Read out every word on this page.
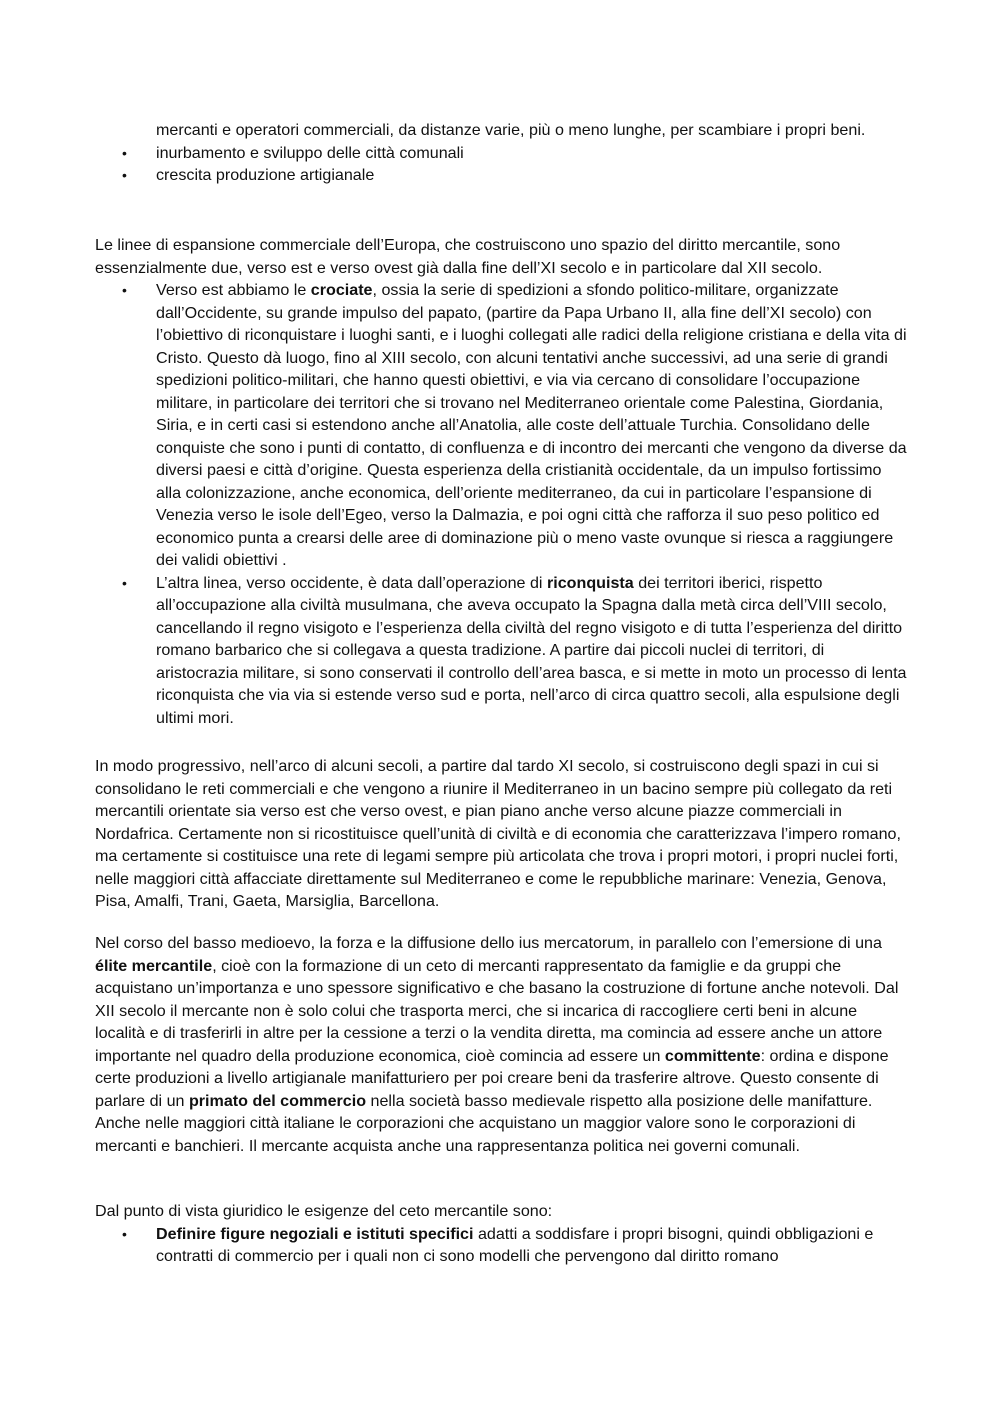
mercanti e operatori commerciali, da distanze varie, più o meno lunghe, per scambiare i propri beni.

• inurbamento e sviluppo delle città comunali
• crescita produzione artigianale

Le linee di espansione commerciale dell’Europa, che costruiscono uno spazio del diritto mercantile, sono essenzialmente due, verso est e verso ovest già dalla fine dell’XI secolo e in particolare dal XII secolo.

• Verso est abbiamo le crociate, ossia la serie di spedizioni a sfondo politico-militare, organizzate dall’Occidente, su grande impulso del papato, (partire da Papa Urbano II, alla fine dell’XI secolo) con l’obiettivo di riconquistare i luoghi santi, e i luoghi collegati alle radici della religione cristiana e della vita di Cristo. Questo dà luogo, fino al XIII secolo, con alcuni tentativi anche successivi, ad una serie di grandi spedizioni politico-militari, che hanno questi obiettivi, e via via cercano di consolidare l’occupazione militare, in particolare dei territori che si trovano nel Mediterraneo orientale come Palestina, Giordania, Siria, e in certi casi si estendono anche all’Anatolia, alle coste dell’attuale Turchia. Consolidano delle conquiste che sono i punti di contatto, di confluenza e di incontro dei mercanti che vengono da diverse da diversi paesi e città d’origine. Questa esperienza della cristianità occidentale, da un impulso fortissimo alla colonizzazione, anche economica, dell’oriente mediterraneo, da cui in particolare l’espansione di Venezia verso le isole dell’Egeo, verso la Dalmazia, e poi ogni città che rafforza il suo peso politico ed economico punta a crearsi delle aree di dominazione più o meno vaste ovunque si riesca a raggiungere dei validi obiettivi .
• L’altra linea, verso occidente, è data dall’operazione di riconquista dei territori iberici, rispetto all’occupazione alla civiltà musulmana, che aveva occupato la Spagna dalla metà circa dell’VIII secolo, cancellando il regno visigoto e l’esperienza della civiltà del regno visigoto e di tutta l’esperienza del diritto romano barbarico che si collegava a questa tradizione. A partire dai piccoli nuclei di territori, di aristocrazia militare, si sono conservati il controllo dell’area basca, e si mette in moto un processo di lenta riconquista che via via si estende verso sud e porta, nell’arco di circa quattro secoli, alla espulsione degli ultimi mori.

In modo progressivo, nell’arco di alcuni secoli, a partire dal tardo XI secolo, si costruiscono degli spazi in cui si consolidano le reti commerciali e che vengono a riunire il Mediterraneo in un bacino sempre più collegato da reti mercantili orientate sia verso est che verso ovest, e pian piano anche verso alcune piazze commerciali in Nordafrica. Certamente non si ricostituisce quell’unità di civiltà e di economia che caratterizzava l’impero romano, ma certamente si costituisce una rete di legami sempre più articolata che trova i propri motori, i propri nuclei forti, nelle maggiori città affacciate direttamente sul Mediterraneo e come le repubbliche marinare: Venezia, Genova, Pisa, Amalfi, Trani, Gaeta, Marsiglia, Barcellona.

Nel corso del basso medioevo, la forza e la diffusione dello ius mercatorum, in parallelo con l’emersione di una élite mercantile, cioè con la formazione di un ceto di mercanti rappresentato da famiglie e da gruppi che acquistano un’importanza e uno spessore significativo e che basano la costruzione di fortune anche notevoli. Dal XII secolo il mercante non è solo colui che trasporta merci, che si incarica di raccogliere certi beni in alcune località e di trasferirli in altre per la cessione a terzi o la vendita diretta, ma comincia ad essere anche un attore importante nel quadro della produzione economica, cioè comincia ad essere un committente: ordina e dispone certe produzioni a livello artigianale manifatturiero per poi creare beni da trasferire altrove. Questo consente di parlare di un primato del commercio nella società basso medievale rispetto alla posizione delle manifatture. Anche nelle maggiori città italiane le corporazioni che acquistano un maggior valore sono le corporazioni di mercanti e banchieri. Il mercante acquista anche una rappresentanza politica nei governi comunali.

Dal punto di vista giuridico le esigenze del ceto mercantile sono:

• Definire figure negoziali e istituti specifici adatti a soddisfare i propri bisogni, quindi obbligazioni e contratti di commercio per i quali non ci sono modelli che pervengono dal diritto romano
